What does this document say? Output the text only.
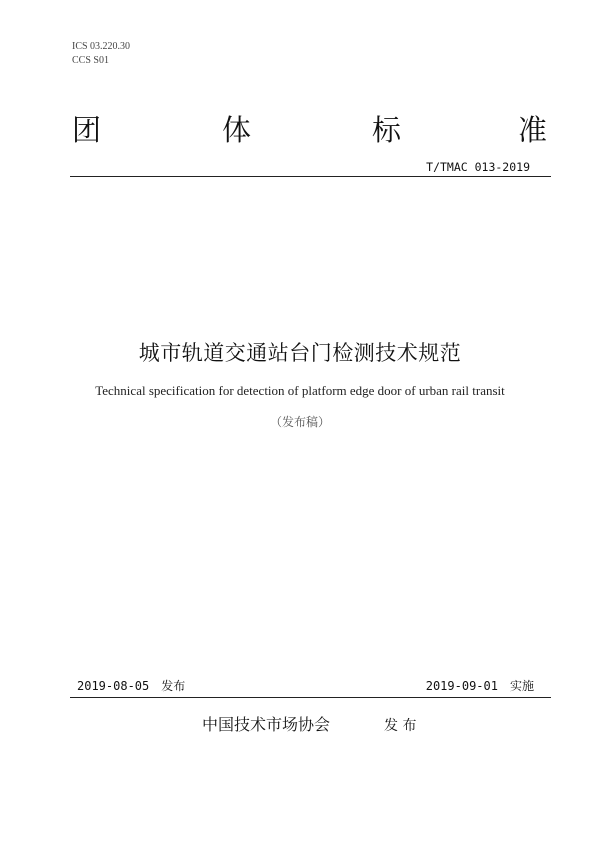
ICS 03.220.30
CCS S01
团	体	标	准
T/TMAC 013-2019
城市轨道交通站台门检测技术规范
Technical specification for detection of platform edge door of urban rail transit
（发布稿）
2019-08-05 发布	2019-09-01 实施
中国技术市场协会	发 布
